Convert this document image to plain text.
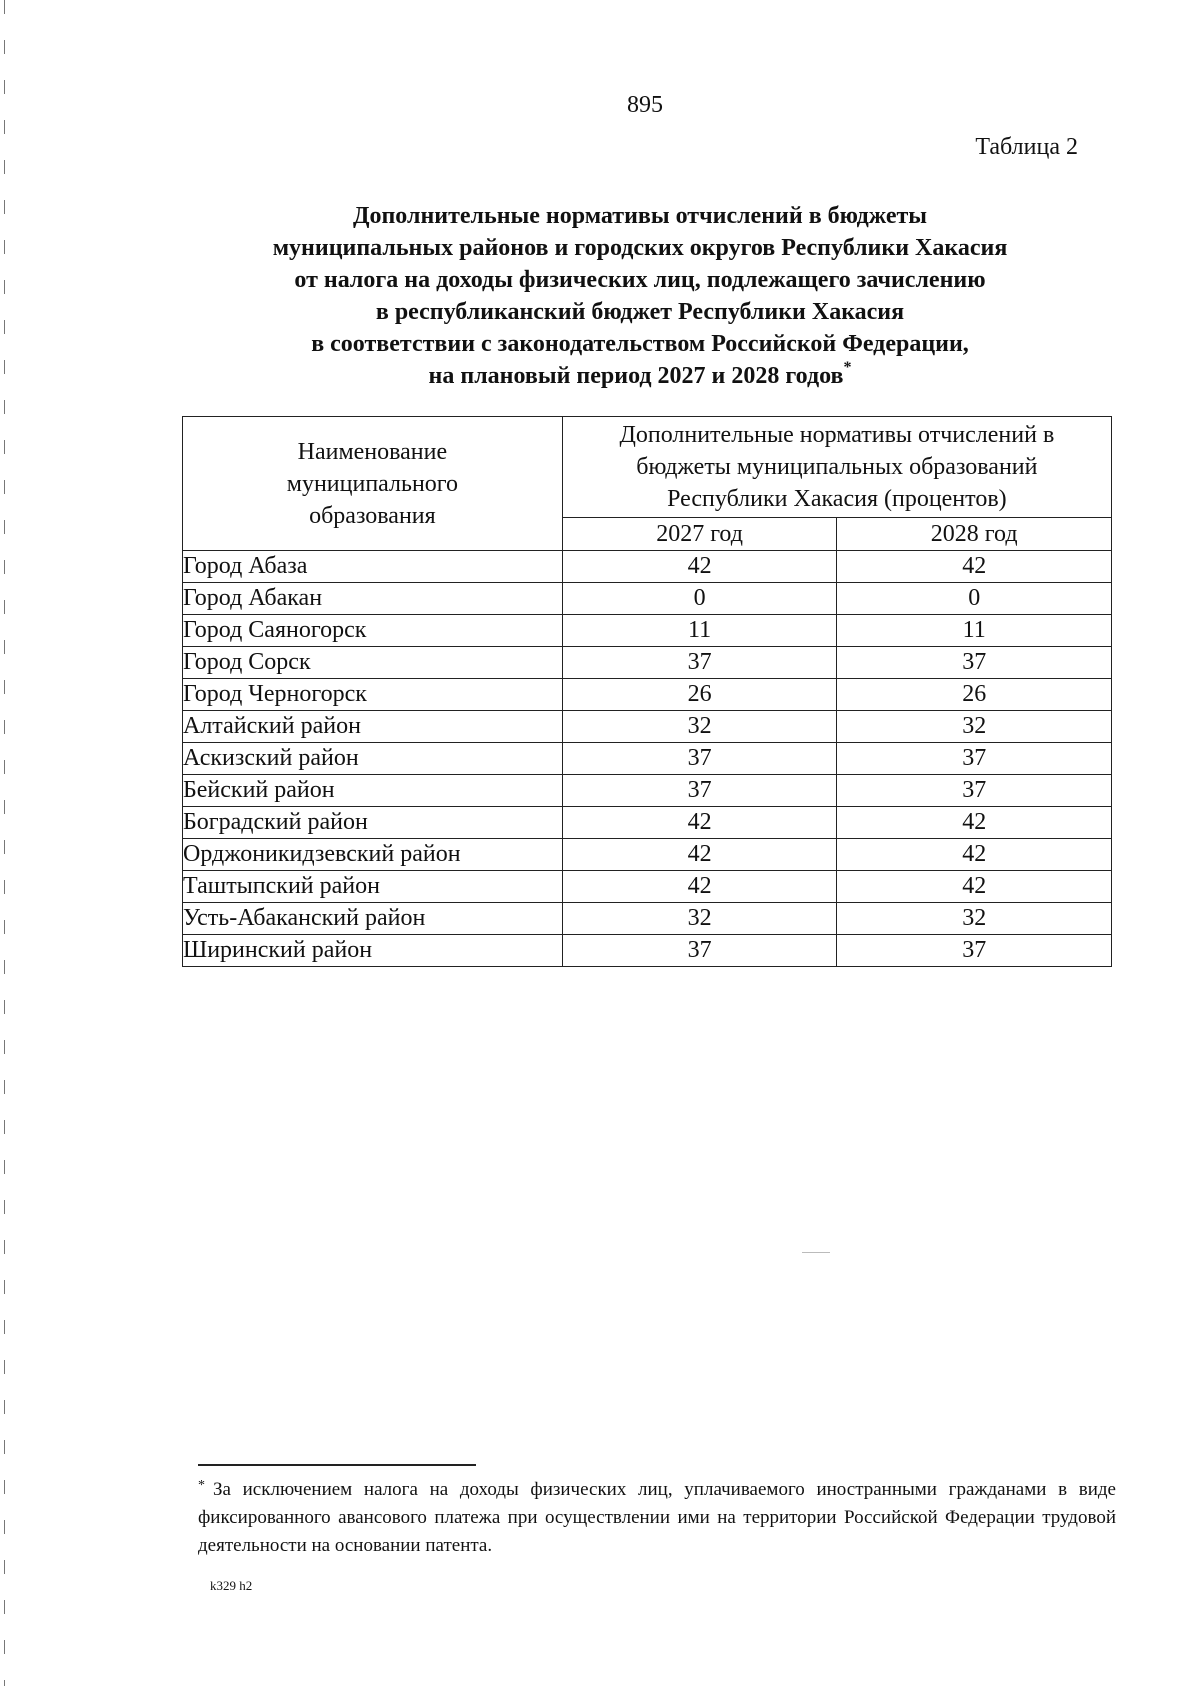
895
Таблица 2
Дополнительные нормативы отчислений в бюджеты
муниципальных районов и городских округов Республики Хакасия
от налога на доходы физических лиц, подлежащего зачислению
в республиканский бюджет Республики Хакасия
в соответствии с законодательством Российской Федерации,
на плановый период 2027 и 2028 годов*
Наименование муниципального образования	Дополнительные нормативы отчислений в бюджеты муниципальных образований Республики Хакасия (процентов)	
	2027 год	2028 год
Город Абаза	42	42
Город Абакан	0	0
Город Саяногорск	11	11
Город Сорск	37	37
Город Черногорск	26	26
Алтайский район	32	32
Аскизский район	37	37
Бейский район	37	37
Боградский район	42	42
Орджоникидзевский район	42	42
Таштыпский район	42	42
Усть-Абаканский район	32	32
Ширинский район	37	37
* За исключением налога на доходы физических лиц, уплачиваемого иностранными гражданами в виде фиксированного авансового платежа при осуществлении ими на территории Российской Федерации трудовой деятельности на основании патента.
k329 h2
